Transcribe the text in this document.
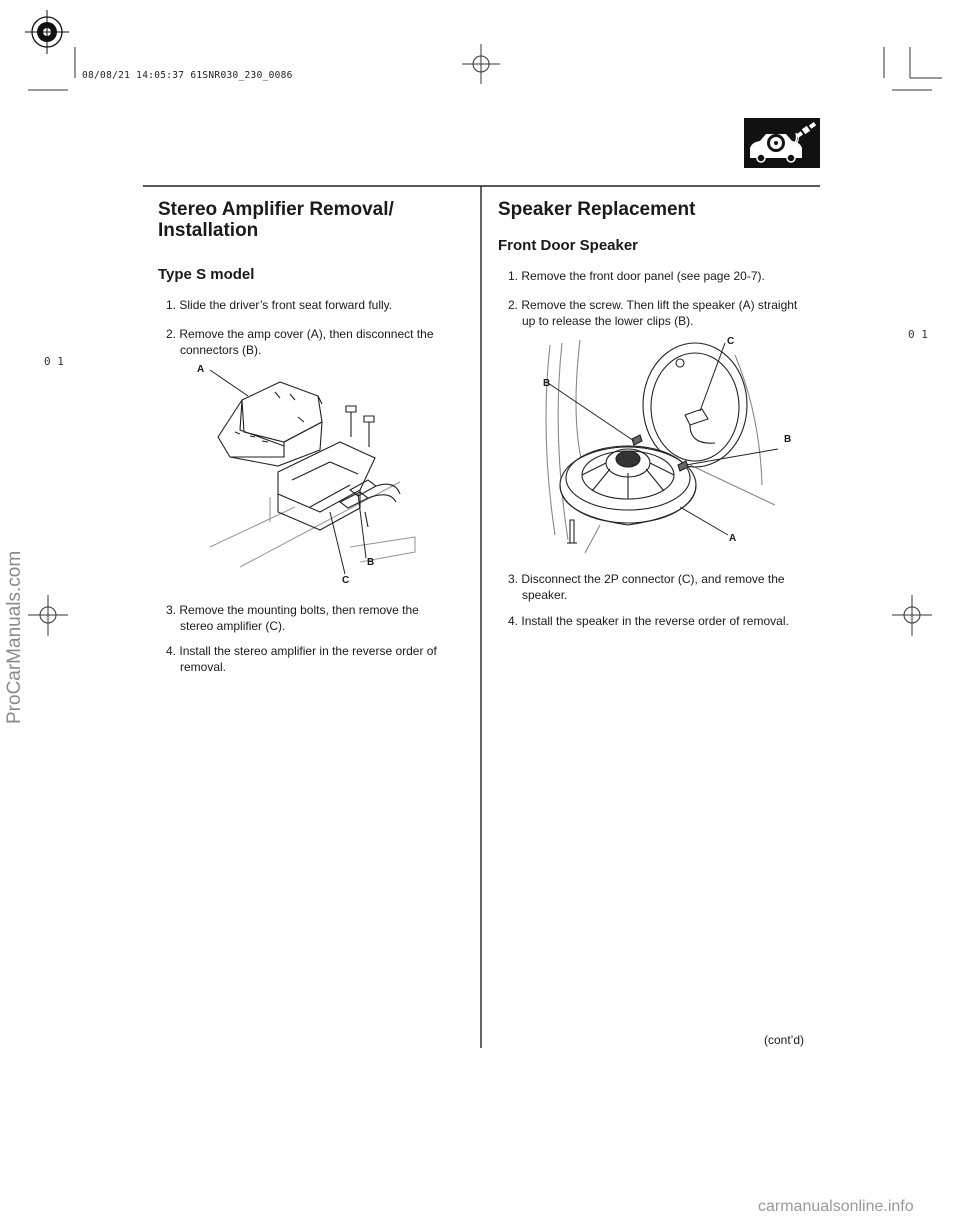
08/08/21 14:05:37 61SNR030_230_0086
0 1
0 1
Stereo Amplifier Removal/
Installation
Type S model
1. Slide the driver’s front seat forward fully.
2. Remove the amp cover (A), then disconnect the
connectors (B).
A
B
C
3. Remove the mounting bolts, then remove the
stereo amplifier (C).
4. Install the stereo amplifier in the reverse order of
removal.
Speaker Replacement
Front Door Speaker
1. Remove the front door panel (see page 20-7).
2. Remove the screw. Then lift the speaker (A) straight
up to release the lower clips (B).
B
C
B
A
3. Disconnect the 2P connector (C), and remove the
speaker.
4. Install the speaker in the reverse order of removal.
(cont’d)
ProCarManuals.com
carmanualsonline.info
